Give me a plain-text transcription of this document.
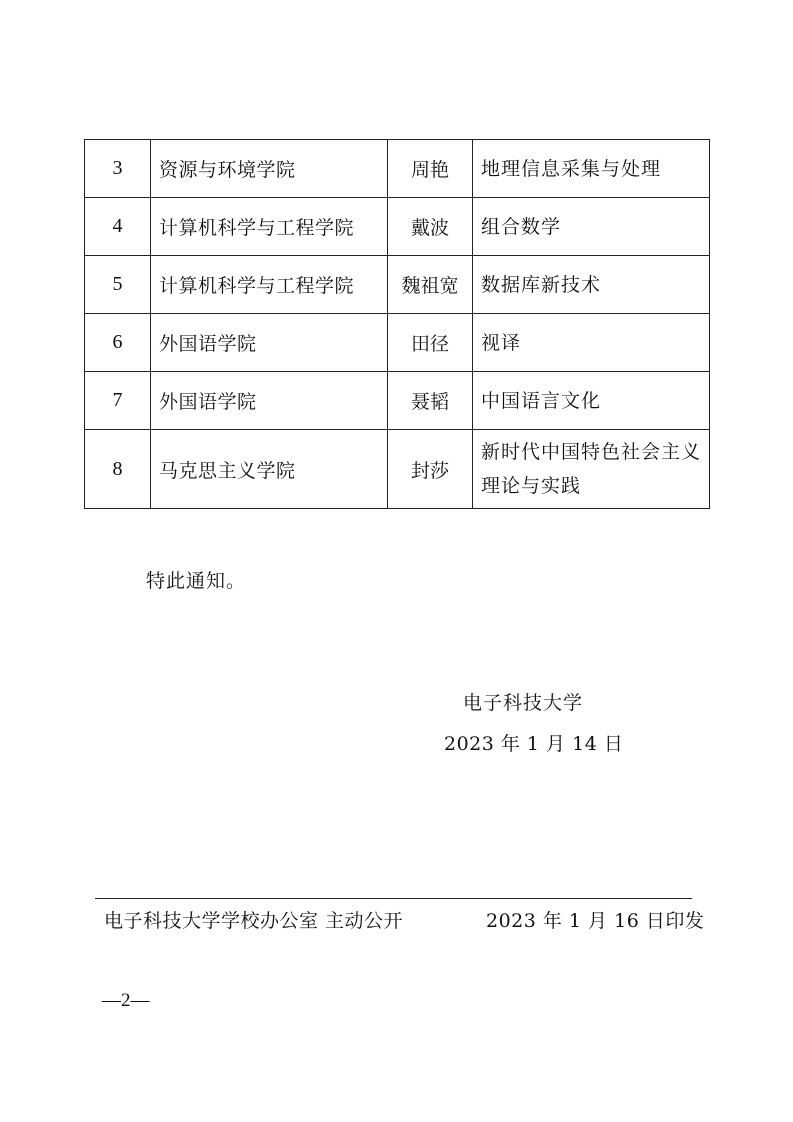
3	资源与环境学院	周艳	地理信息采集与处理
4	计算机科学与工程学院	戴波	组合数学
5	计算机科学与工程学院	魏祖宽	数据库新技术
6	外国语学院	田径	视译
7	外国语学院	聂韬	中国语言文化
8	马克思主义学院	封莎	新时代中国特色社会主义理论与实践
特此通知。
电子科技大学
2023 年 1 月 14 日
电子科技大学学校办公室 主动公开	2023 年 1 月 16 日印发
—2—
